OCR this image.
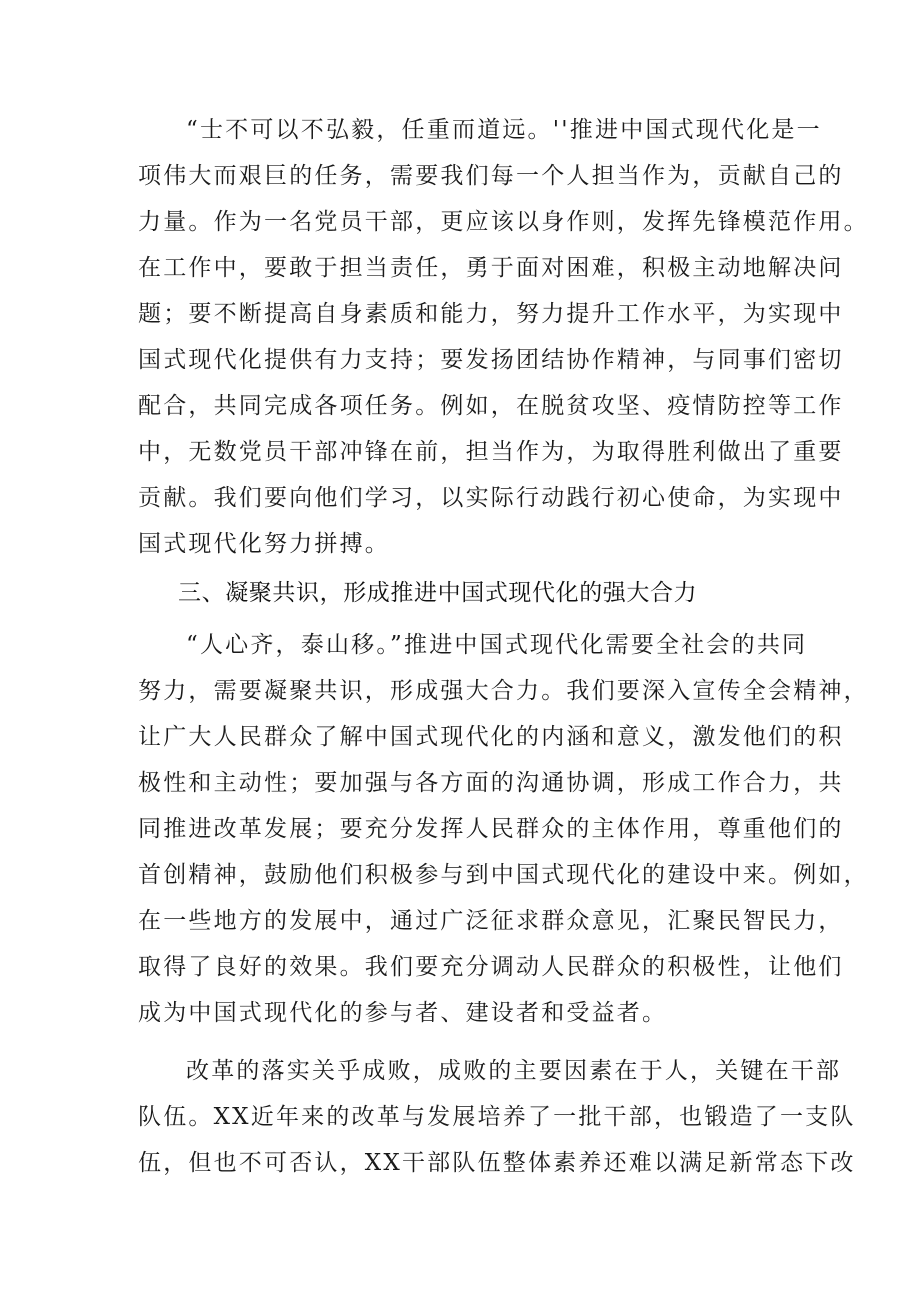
“士不可以不弘毅，任重而道远。''推进中国式现代化是一
项伟大而艰巨的任务，需要我们每一个人担当作为，贡献自己的
力量。作为一名党员干部，更应该以身作则，发挥先锋模范作用。
在工作中，要敢于担当责任，勇于面对困难，积极主动地解决问
题；要不断提高自身素质和能力，努力提升工作水平，为实现中
国式现代化提供有力支持；要发扬团结协作精神，与同事们密切
配合，共同完成各项任务。例如，在脱贫攻坚、疫情防控等工作
中，无数党员干部冲锋在前，担当作为，为取得胜利做出了重要
贡献。我们要向他们学习，以实际行动践行初心使命，为实现中
国式现代化努力拼搏。
三、凝聚共识，形成推进中国式现代化的强大合力
“人心齐，泰山移。”推进中国式现代化需要全社会的共同
努力，需要凝聚共识，形成强大合力。我们要深入宣传全会精神，
让广大人民群众了解中国式现代化的内涵和意义，激发他们的积
极性和主动性；要加强与各方面的沟通协调，形成工作合力，共
同推进改革发展；要充分发挥人民群众的主体作用，尊重他们的
首创精神，鼓励他们积极参与到中国式现代化的建设中来。例如，
在一些地方的发展中，通过广泛征求群众意见，汇聚民智民力，
取得了良好的效果。我们要充分调动人民群众的积极性，让他们
成为中国式现代化的参与者、建设者和受益者。
改革的落实关乎成败，成败的主要因素在于人，关键在干部
队伍。XX近年来的改革与发展培养了一批干部，也锻造了一支队
伍，但也不可否认，XX干部队伍整体素养还难以满足新常态下改
